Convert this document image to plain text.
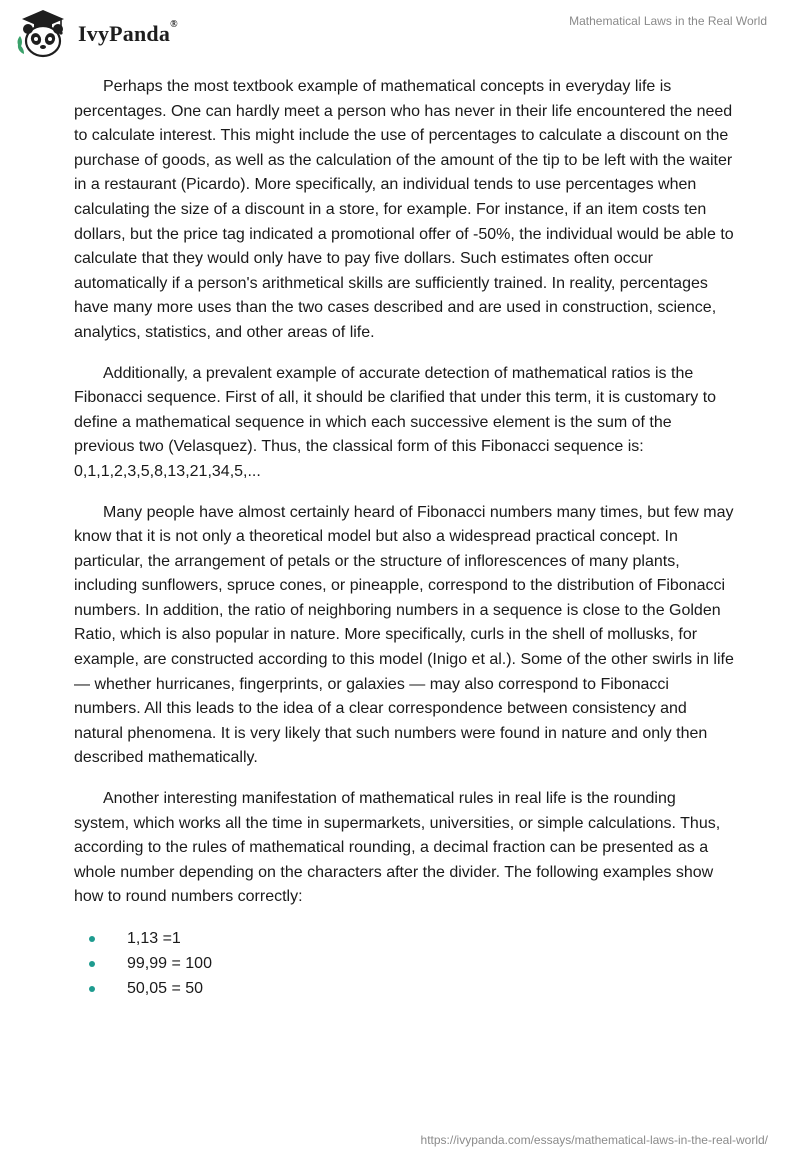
IvyPanda®	Mathematical Laws in the Real World

Perhaps the most textbook example of mathematical concepts in everyday life is percentages. One can hardly meet a person who has never in their life encountered the need to calculate interest. This might include the use of percentages to calculate a discount on the purchase of goods, as well as the calculation of the amount of the tip to be left with the waiter in a restaurant (Picardo). More specifically, an individual tends to use percentages when calculating the size of a discount in a store, for example. For instance, if an item costs ten dollars, but the price tag indicated a promotional offer of -50%, the individual would be able to calculate that they would only have to pay five dollars. Such estimates often occur automatically if a person's arithmetical skills are sufficiently trained. In reality, percentages have many more uses than the two cases described and are used in construction, science, analytics, statistics, and other areas of life.

Additionally, a prevalent example of accurate detection of mathematical ratios is the Fibonacci sequence. First of all, it should be clarified that under this term, it is customary to define a mathematical sequence in which each successive element is the sum of the previous two (Velasquez). Thus, the classical form of this Fibonacci sequence is: 0,1,1,2,3,5,8,13,21,34,5,...

Many people have almost certainly heard of Fibonacci numbers many times, but few may know that it is not only a theoretical model but also a widespread practical concept. In particular, the arrangement of petals or the structure of inflorescences of many plants, including sunflowers, spruce cones, or pineapple, correspond to the distribution of Fibonacci numbers. In addition, the ratio of neighboring numbers in a sequence is close to the Golden Ratio, which is also popular in nature. More specifically, curls in the shell of mollusks, for example, are constructed according to this model (Inigo et al.). Some of the other swirls in life — whether hurricanes, fingerprints, or galaxies — may also correspond to Fibonacci numbers. All this leads to the idea of a clear correspondence between consistency and natural phenomena. It is very likely that such numbers were found in nature and only then described mathematically.

Another interesting manifestation of mathematical rules in real life is the rounding system, which works all the time in supermarkets, universities, or simple calculations. Thus, according to the rules of mathematical rounding, a decimal fraction can be presented as a whole number depending on the characters after the divider. The following examples show how to round numbers correctly:

1,13 =1
99,99 = 100
50,05 = 50
https://ivypanda.com/essays/mathematical-laws-in-the-real-world/
